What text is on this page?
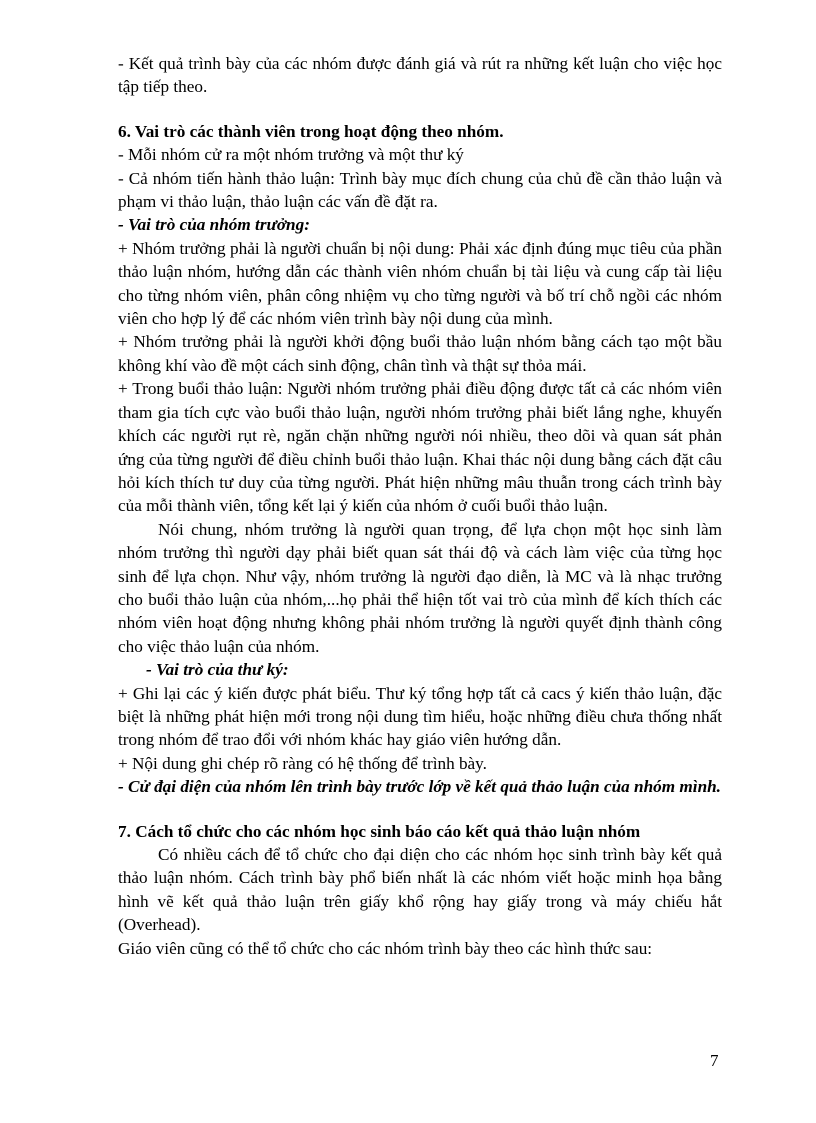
- Kết quả trình bày của các nhóm được đánh giá và rút ra những kết luận cho việc học tập tiếp theo.

6. Vai trò các thành viên trong hoạt động theo nhóm.

- Mỗi nhóm cử ra một nhóm trưởng và một thư ký

- Cả nhóm tiến hành thảo luận: Trình bày mục đích chung của chủ đề cần thảo luận và phạm vi thảo luận, thảo luận các vấn đề đặt ra.

- Vai trò của nhóm trưởng:

+ Nhóm trưởng phải là người chuẩn bị nội dung: Phải xác định đúng mục tiêu của phần thảo luận nhóm, hướng dẫn các thành viên nhóm chuẩn bị tài liệu và cung cấp tài liệu cho từng nhóm viên, phân công nhiệm vụ cho từng người và bố trí chỗ ngồi các nhóm viên cho hợp lý để các nhóm viên trình bày nội dung của mình.

+ Nhóm trưởng phải là người khởi động buổi thảo luận nhóm bằng cách tạo một bầu không khí vào đề một cách sinh động, chân tình và thật sự thỏa mái.

+ Trong buổi thảo luận: Người nhóm trưởng phải điều động được tất cả các nhóm viên tham gia tích cực vào buổi thảo luận, người nhóm trưởng phải biết lắng nghe, khuyến khích các người rụt rè, ngăn chặn những người nói nhiều, theo dõi và quan sát phản ứng của từng người để điều chỉnh buổi thảo luận. Khai thác nội dung bằng cách đặt câu hỏi kích thích tư duy của từng người. Phát hiện những mâu thuẫn trong cách trình bày của mỗi thành viên, tổng kết lại ý kiến của nhóm ở cuối buổi thảo luận.

Nói chung, nhóm trưởng là người quan trọng, để lựa chọn một học sinh làm nhóm trưởng thì người dạy phải biết quan sát thái độ và cách làm việc của từng học sinh để lựa chọn. Như vậy, nhóm trưởng là người đạo diễn, là MC và là nhạc trưởng cho buổi thảo luận của nhóm,...họ phải thể hiện tốt vai trò của mình để kích thích các nhóm viên hoạt động nhưng không phải nhóm trưởng là người quyết định thành công cho việc thảo luận của nhóm.

- Vai trò của thư ký:

+ Ghi lại các ý kiến được phát biểu. Thư ký tổng hợp tất cả cacs ý kiến thảo luận, đặc biệt là những phát hiện mới trong nội dung tìm hiểu, hoặc những điều chưa thống nhất trong nhóm để trao đổi với nhóm khác hay giáo viên hướng dẫn.

+ Nội dung ghi chép rõ ràng có hệ thống để trình bày.

- Cử đại diện của nhóm lên trình bày trước lớp về kết quả thảo luận của nhóm mình.

7. Cách tổ chức cho các nhóm học sinh báo cáo kết quả thảo luận nhóm

Có nhiều cách để tổ chức cho đại diện cho các nhóm học sinh trình bày kết quả thảo luận nhóm. Cách trình bày phổ biến nhất là các nhóm viết hoặc minh họa bằng hình vẽ kết quả thảo luận trên giấy khổ rộng hay giấy trong và máy chiếu hắt (Overhead).

Giáo viên cũng có thể tổ chức cho các nhóm trình bày theo các hình thức sau:

7
